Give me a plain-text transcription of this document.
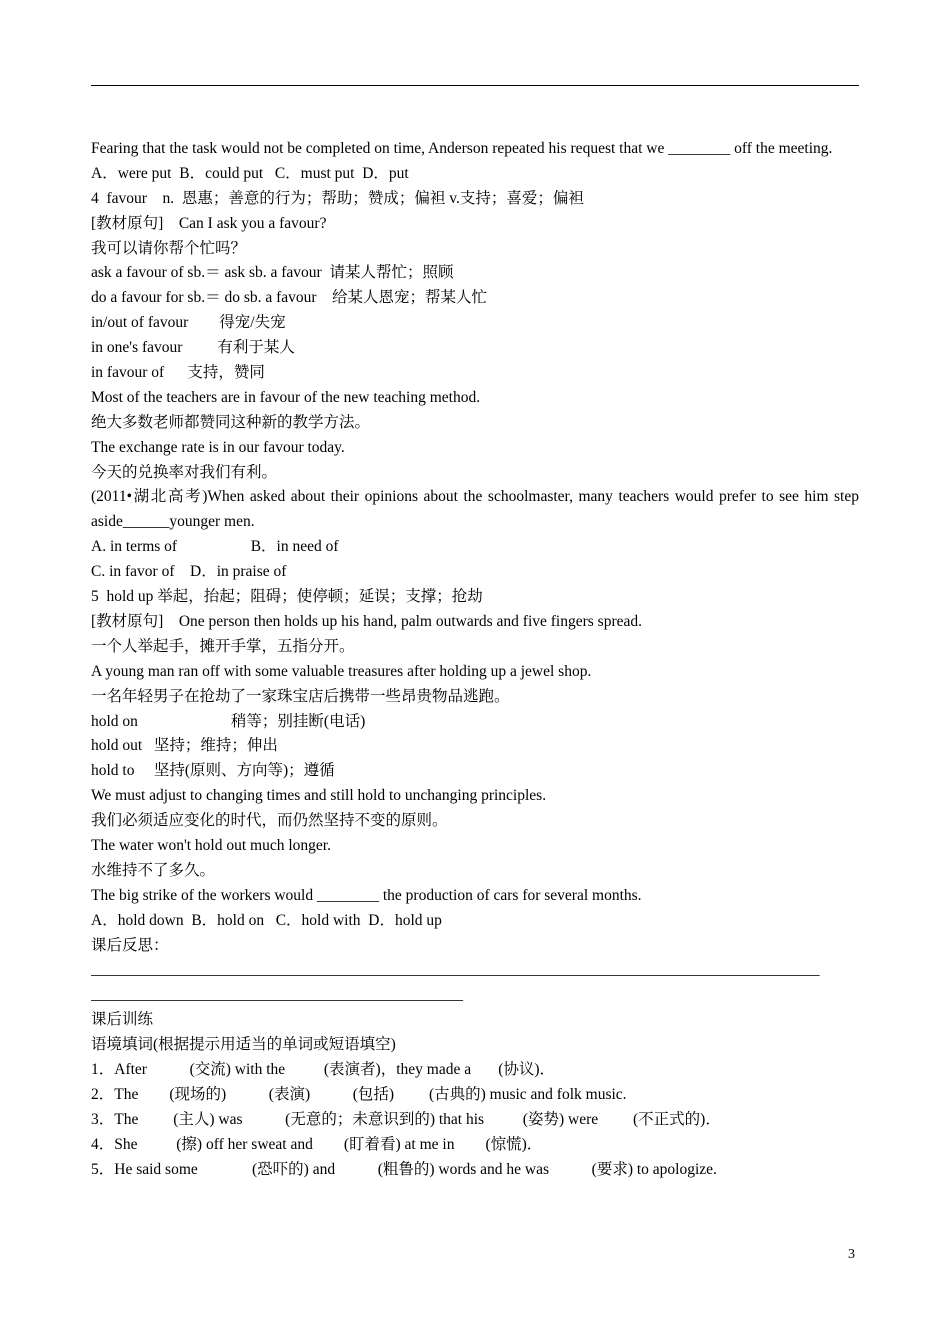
Fearing that the task would not be completed on time, Anderson repeated his request that we ________ off the meeting.
A．were put  B．could put   C．must put  D．put
4  favour    n.  恩惠；善意的行为；帮助；赞成；偏袒 v.支持；喜爱；偏袒
[教材原句]    Can I ask you a favour?
我可以请你帮个忙吗？
ask a favour of sb.＝ ask sb. a favour  请某人帮忙；照顾
do a favour for sb.＝ do sb. a favour    给某人恩宠；帮某人忙
in/out of favour        得宠/失宠
in one's favour         有利于某人
in favour of      支持，赞同
Most of the teachers are in favour of the new teaching method.
绝大多数老师都赞同这种新的教学方法。
The exchange rate is in our favour today.
今天的兑换率对我们有利。
(2011•湖北高考)When asked about their opinions about the schoolmaster, many teachers would prefer to see him step aside______younger men.
A. in terms of                   B．in need of
C. in favor of    D．in praise of
5  hold up 举起，抬起；阻碍；使停顿；延误；支撑；抢劫
[教材原句]    One person then holds up his hand, palm outwards and five fingers spread.
一个人举起手，摊开手掌，五指分开。
A young man ran off with some valuable treasures after holding up a jewel shop.
一名年轻男子在抢劫了一家珠宝店后携带一些昂贵物品逃跑。
hold on                        稍等；别挂断(电话)
hold out   坚持；维持；伸出
hold to     坚持(原则、方向等)；遵循
We must adjust to changing times and still hold to unchanging principles.
我们必须适应变化的时代，而仍然坚持不变的原则。
The water won't hold out much longer.
水维持不了多久。
The big strike of the workers would ________ the production of cars for several months.
A．hold down  B．hold on   C．hold with  D．hold up
课后反思：
______________________________________________________________________________________________
________________________________________________
课后训练
语境填词(根据提示用适当的单词或短语填空)
1．After           (交流) with the          (表演者)，they made a       (协议)．
2．The        (现场的)           (表演)           (包括)         (古典的) music and folk music.
3．The         (主人) was           (无意的；未意识到的) that his          (姿势) were         (不正式的)．
4．She          (擦) off her sweat and        (盯着看) at me in        (惊慌)．
5．He said some              (恐吓的) and           (粗鲁的) words and he was           (要求) to apologize.
3
